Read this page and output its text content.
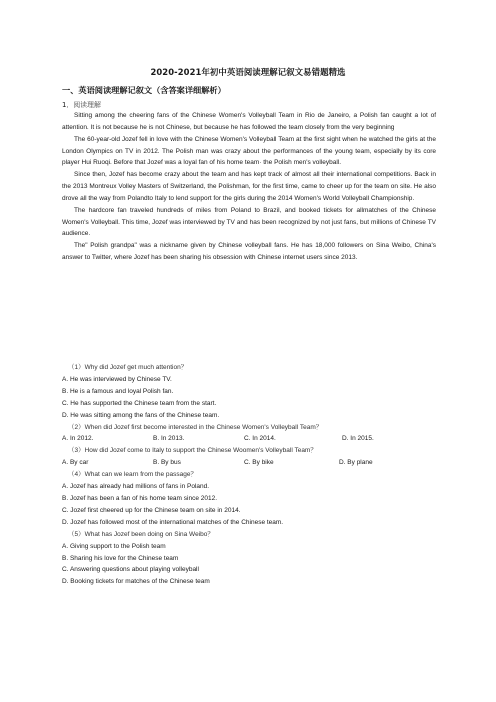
2020-2021年初中英语阅读理解记叙文易错题精选
一、英语阅读理解记叙文（含答案详细解析）
1．阅读理解

Sitting among the cheering fans of the Chinese Women's Volleyball Team in Rio de Janeiro, a Polish fan caught a lot of attention. It is not because he is not Chinese, but because he has followed the team closely from the very beginning

The 60-year-old Jozef fell in love with the Chinese Women's Volleyball Team at the first sight when he watched the girls at the London Olympics on TV in 2012. The Polish man was crazy about the performances of the young team, especially by its core player Hui Ruoqi. Before that Jozef was a loyal fan of his home team· the Polish men's volleyball.

Since then, Jozef has become crazy about the team and has kept track of almost all their international competitions. Back in the 2013 Montreux Volley Masters of Switzerland, the Polishman, for the first time, came to cheer up for the team on site. He also drove all the way from Polandto Italy to lend support for the girls during the 2014 Women's World Volleyball Championship.

The hardcore fan traveled hundreds of miles from Poland to Brazil, and booked tickets for allmatches of the Chinese Women's Volleyball. This time, Jozef was interviewed by TV and has been recognized by not just fans, but millions of Chinese TV audience.

The" Polish grandpa" was a nickname given by Chinese volleyball fans. He has 18,000 followers on Sina Weibo, China's answer to Twitter, where Jozef has been sharing his obsession with Chinese internet users since 2013.

（1）Why did Jozef get much attention？
A. He was interviewed by Chinese TV.
B. He is a famous and loyal Polish fan.
C. He has supported the Chinese team from the start.
D. He was sitting among the fans of the Chinese team.
（2）When did Jozef first become interested in the Chinese Women's Volleyball Team？
A. In 2012.	B. In 2013.	C. In 2014.	D. In 2015.
（3）How did Jozef come to Italy to support the Chinese Woomen's Volleyball Team？
A. By car	B. By bus	C. By bike	D. By plane
（4）What can we learn from the passage？
A. Jozef has already had millions of fans in Poland.
B. Jozef has been a fan of his home team since 2012.
C. Jozef first cheered up for the Chinese team on site in 2014.
D. Jozef has followed most of the international matches of the Chinese team.
（5）What has Jozef been doing on Sina Weibo？
A. Giving support to the Polish team
B. Sharing his love for the Chinese team
C. Answering questions about playing volleyball
D. Booking tickets for matches of the Chinese team
